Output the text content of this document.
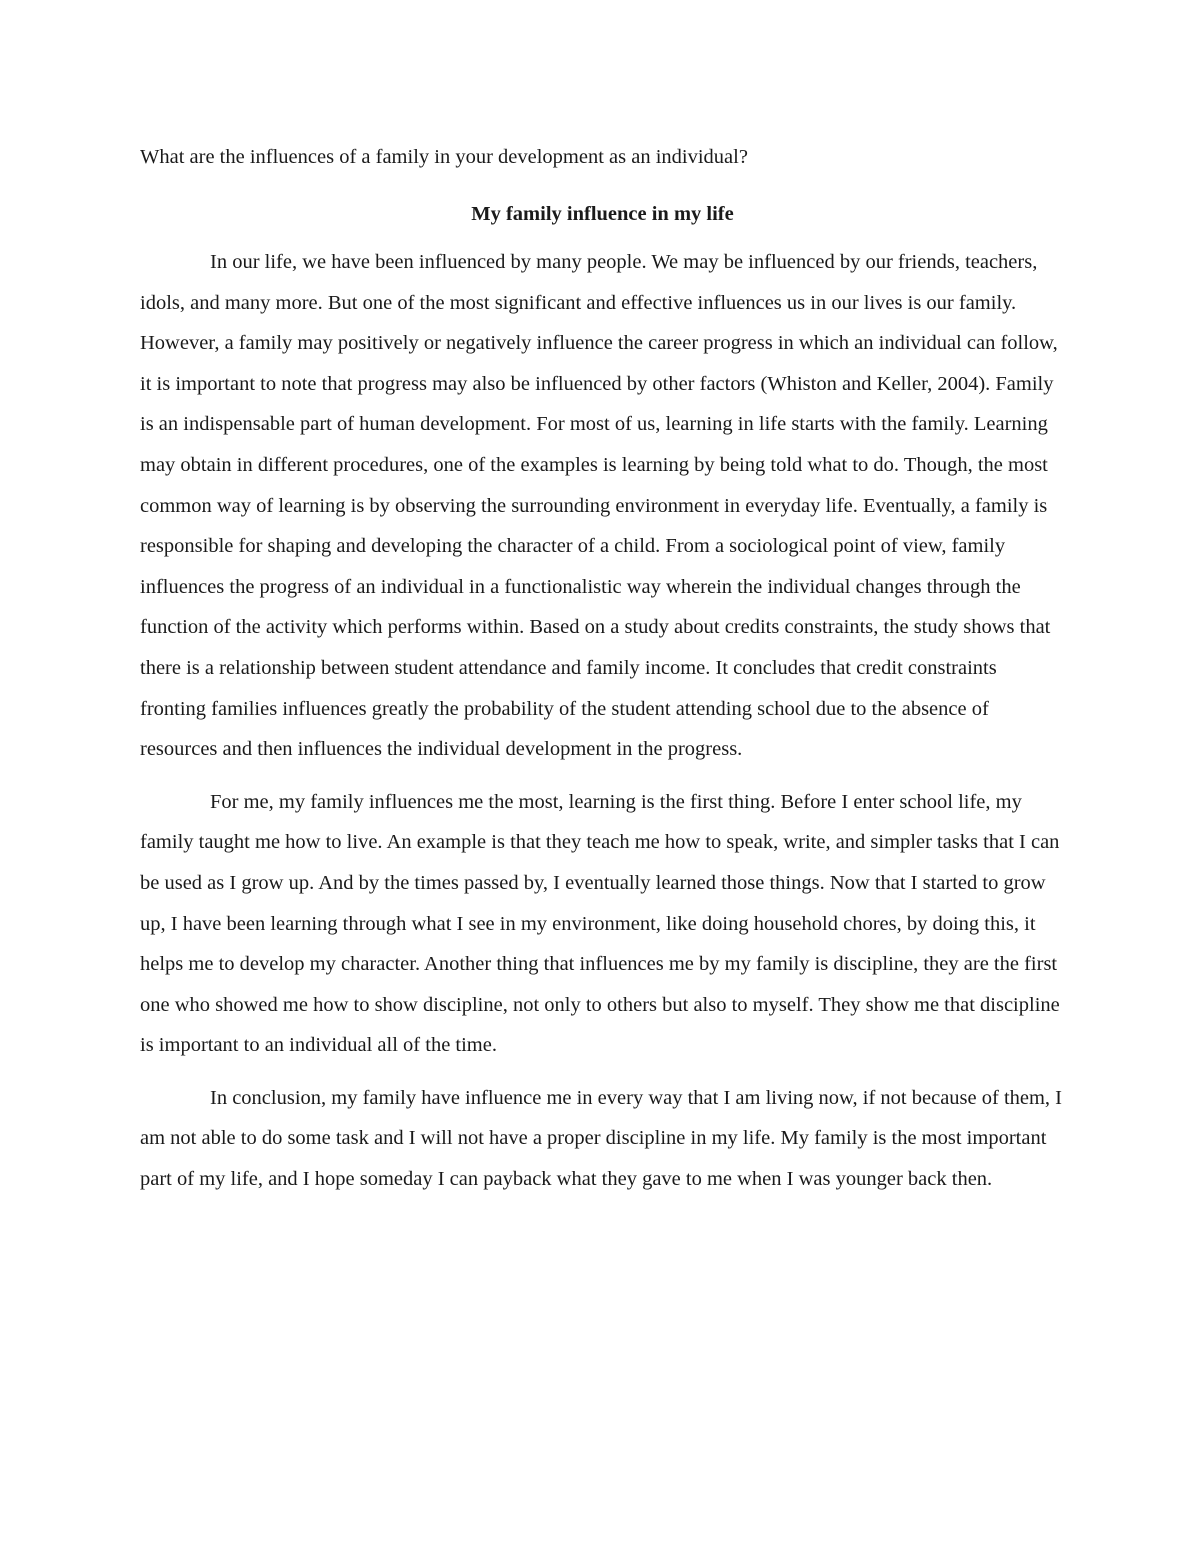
What are the influences of a family in your development as an individual?

My family influence in my life

In our life, we have been influenced by many people. We may be influenced by our friends, teachers, idols, and many more. But one of the most significant and effective influences us in our lives is our family. However, a family may positively or negatively influence the career progress in which an individual can follow, it is important to note that progress may also be influenced by other factors (Whiston and Keller, 2004). Family is an indispensable part of human development. For most of us, learning in life starts with the family. Learning may obtain in different procedures, one of the examples is learning by being told what to do. Though, the most common way of learning is by observing the surrounding environment in everyday life. Eventually, a family is responsible for shaping and developing the character of a child. From a sociological point of view, family influences the progress of an individual in a functionalistic way wherein the individual changes through the function of the activity which performs within. Based on a study about credits constraints, the study shows that there is a relationship between student attendance and family income. It concludes that credit constraints fronting families influences greatly the probability of the student attending school due to the absence of resources and then influences the individual development in the progress.

For me, my family influences me the most, learning is the first thing. Before I enter school life, my family taught me how to live. An example is that they teach me how to speak, write, and simpler tasks that I can be used as I grow up. And by the times passed by, I eventually learned those things. Now that I started to grow up, I have been learning through what I see in my environment, like doing household chores, by doing this, it helps me to develop my character. Another thing that influences me by my family is discipline, they are the first one who showed me how to show discipline, not only to others but also to myself. They show me that discipline is important to an individual all of the time.

In conclusion, my family have influence me in every way that I am living now, if not because of them, I am not able to do some task and I will not have a proper discipline in my life. My family is the most important part of my life, and I hope someday I can payback what they gave to me when I was younger back then.
